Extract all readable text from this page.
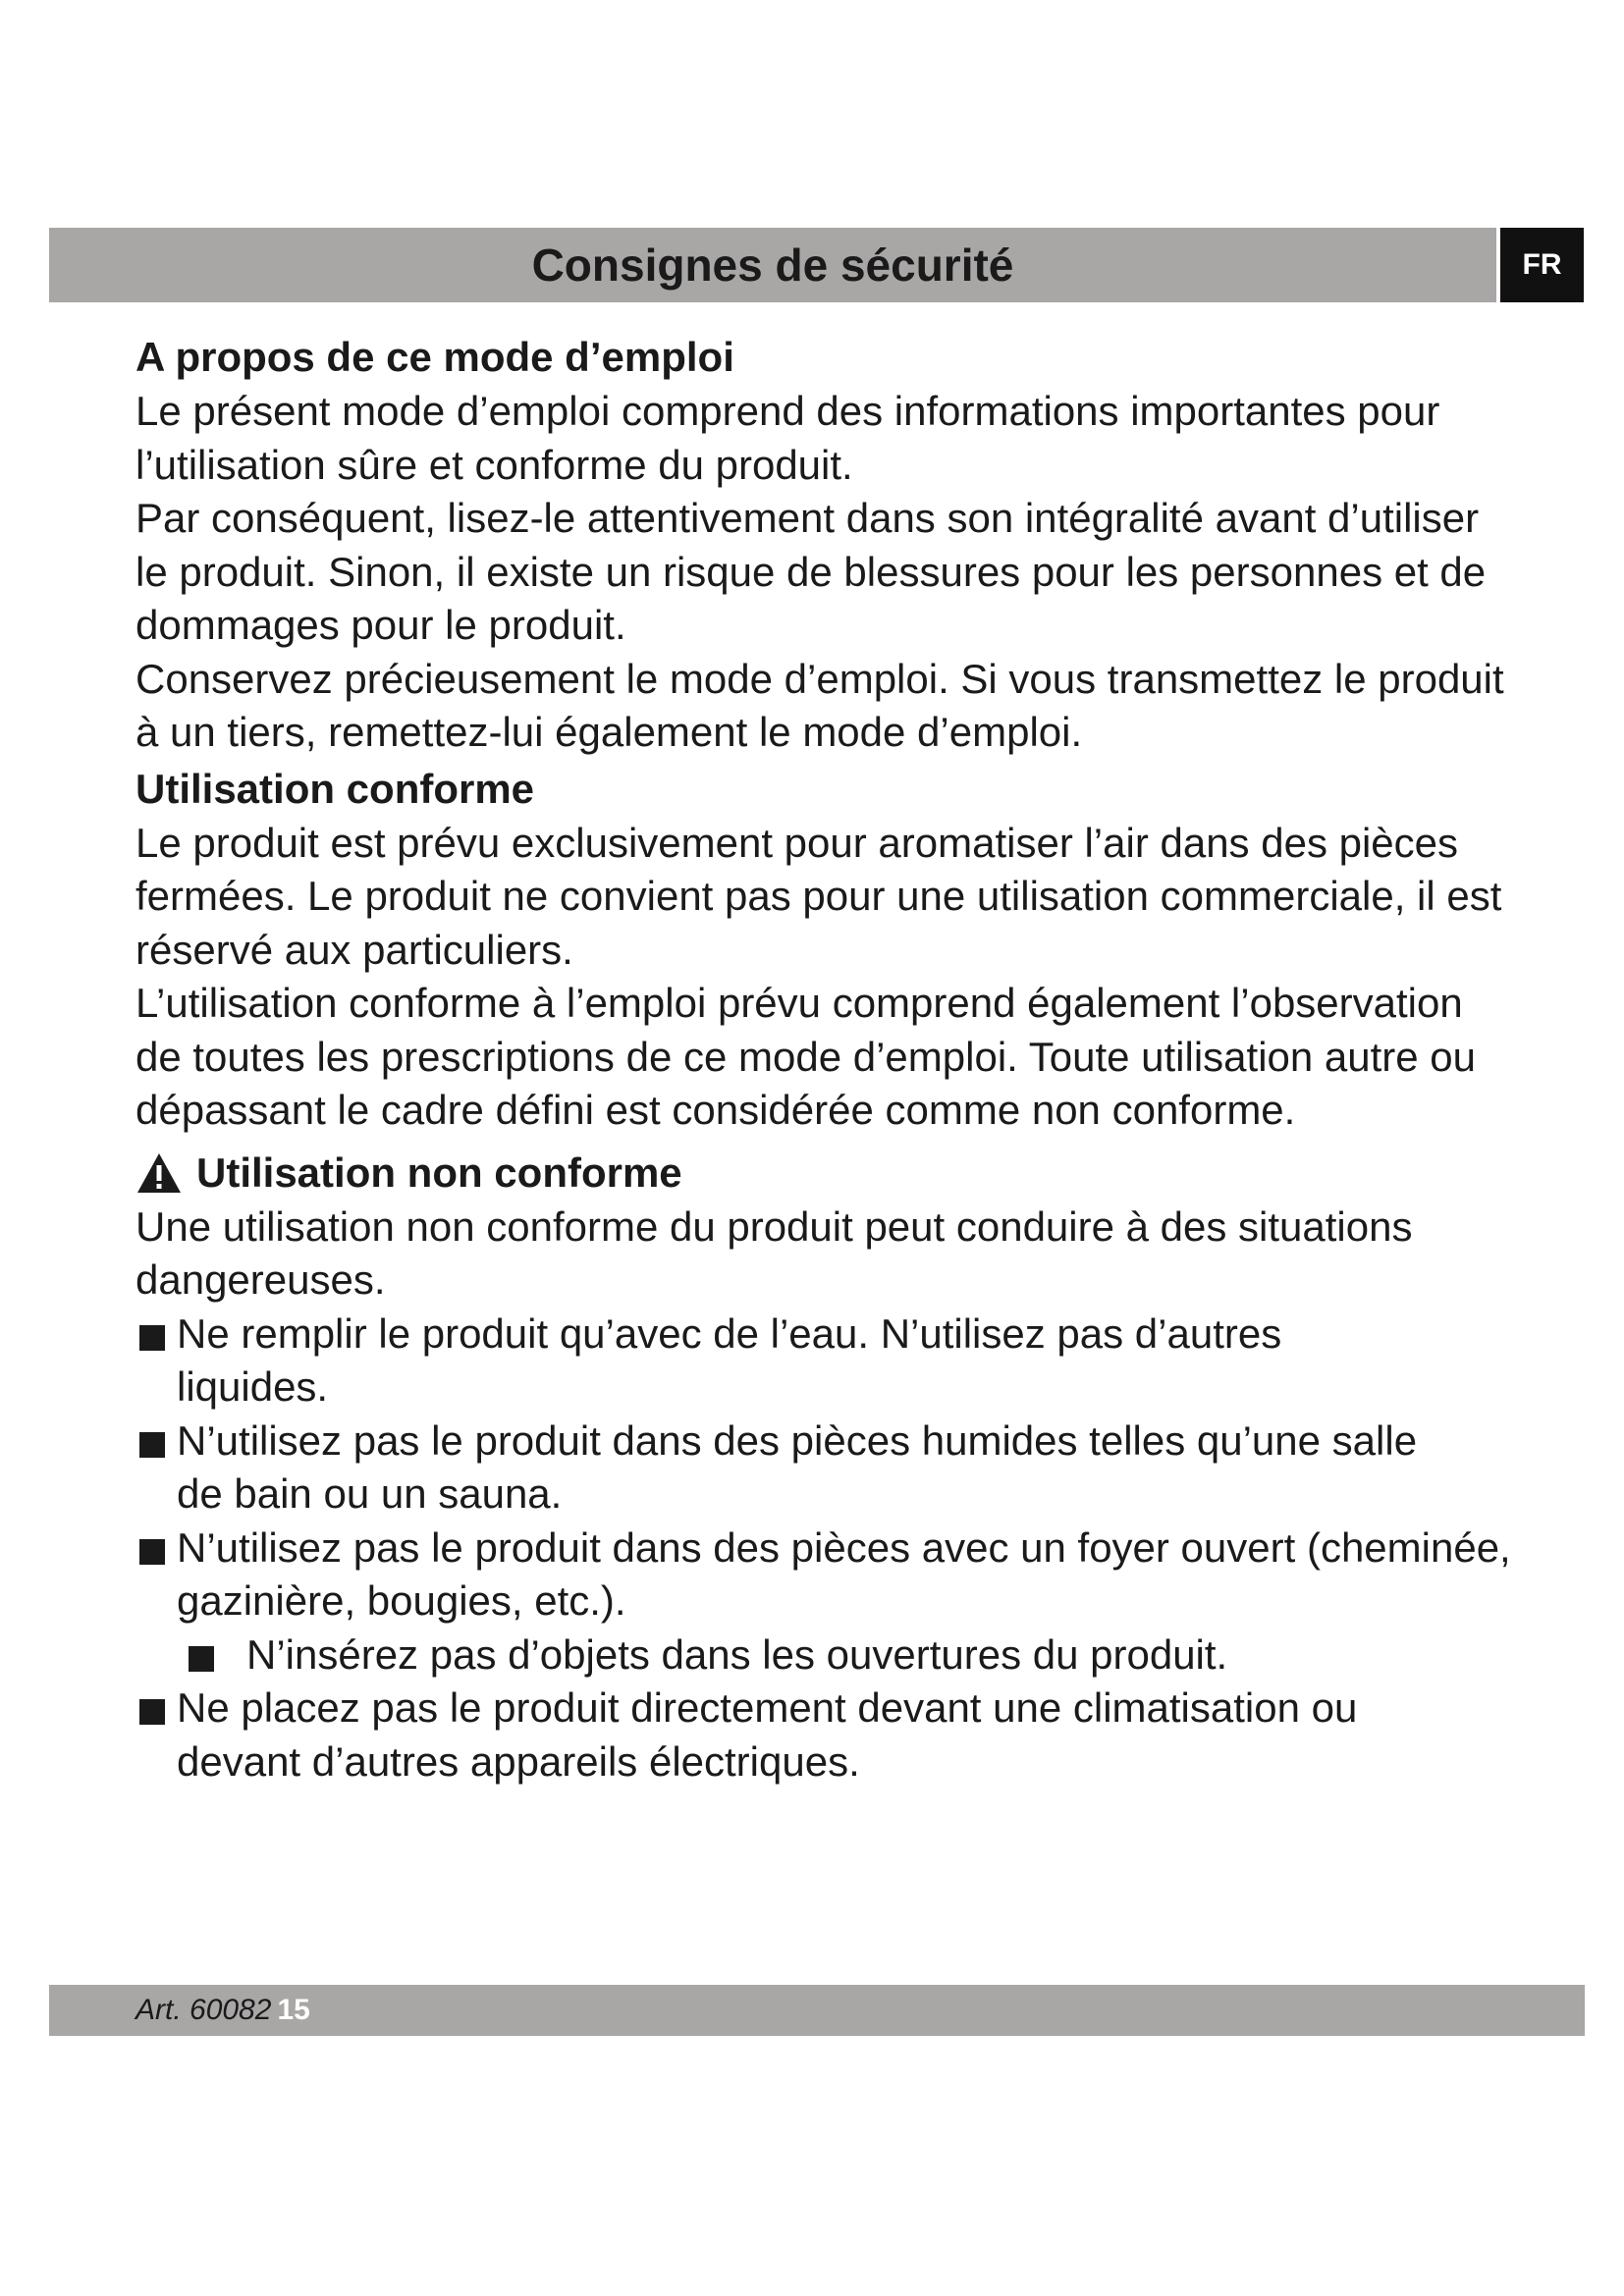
Consignes de sécurité	FR
A propos de ce mode d’emploi

Le présent mode d’emploi comprend des informations importantes pour l’utilisation sûre et conforme du produit.

Par conséquent, lisez-le attentivement dans son intégralité avant d’utiliser le produit. Sinon, il existe un risque de blessures pour les personnes et de dommages pour le produit.

Conservez précieusement le mode d’emploi. Si vous transmettez le produit à un tiers, remettez-lui également le mode d’emploi.

Utilisation conforme

Le produit est prévu exclusivement pour aromatiser l’air dans des pièces fermées. Le produit ne convient pas pour une utilisation commerciale, il est réservé aux particuliers.

L’utilisation conforme à l’emploi prévu comprend également l’observation de toutes les prescriptions de ce mode d’emploi. Toute utilisation autre ou dépassant le cadre défini est considérée comme non conforme.

Utilisation non conforme

Une utilisation non conforme du produit peut conduire à des situations dangereuses.

Ne remplir le produit qu’avec de l’eau. N’utilisez pas d’autres liquides.
N’utilisez pas le produit dans des pièces humides telles qu’une salle de bain ou un sauna.
N’utilisez pas le produit dans des pièces avec un foyer ouvert (cheminée, gazinière, bougies, etc.).
N’insérez pas d’objets dans les ouvertures du produit.
Ne placez pas le produit directement devant une climatisation ou devant d’autres appareils électriques.
Art. 60082 15
